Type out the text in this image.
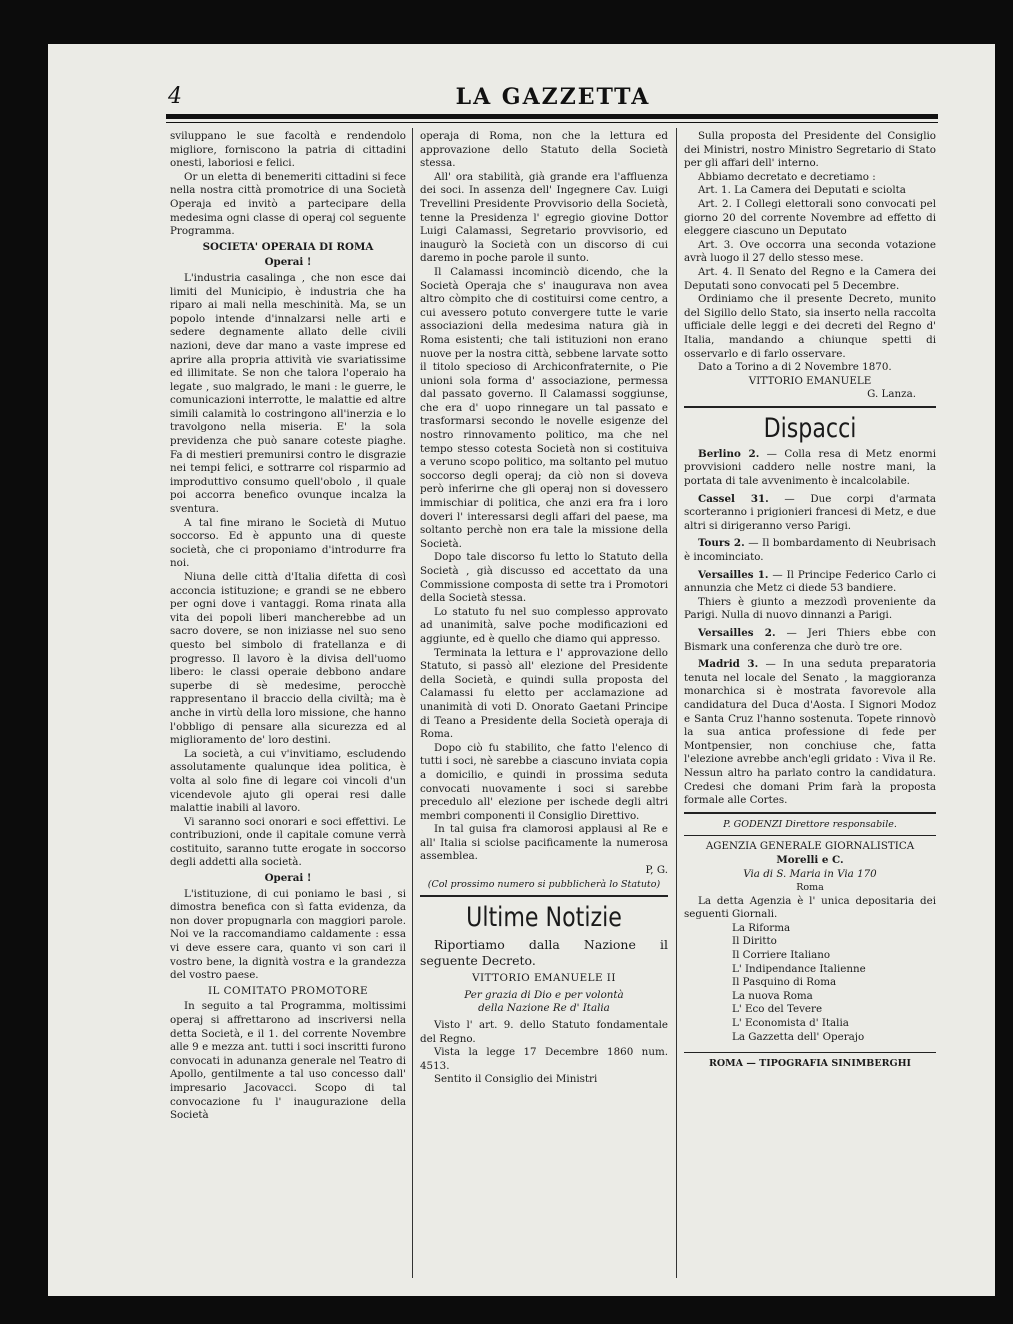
4	LA GAZZETTA

sviluppano le sue facoltà e rendendolo migliore, forniscono la patria di cittadini onesti, laboriosi e felici.

Or un eletta di benemeriti cittadini si fece nella nostra città promotrice di una Società Operaja ed invitò a partecipare della medesima ogni classe di operaj col seguente Programma.

SOCIETA' OPERAIA DI ROMA

Operai !

L'industria casalinga , che non esce dai limiti del Municipio, è industria che ha riparo ai mali nella meschinità. Ma, se un popolo intende d'innalzarsi nelle arti e sedere degnamente allato delle civili nazioni, deve dar mano a vaste imprese ed aprire alla propria attività vie svariatissime ed illimitate. Se non che talora l'operaio ha legate , suo malgrado, le mani : le guerre, le comunicazioni interrotte, le malattie ed altre simili calamità lo costringono all'inerzia e lo travolgono nella miseria. E' la sola previdenza che può sanare coteste piaghe. Fa di mestieri premunirsi contro le disgrazie nei tempi felici, e sottrarre col risparmio ad improduttivo consumo quell'obolo , il quale poi accorra benefico ovunque incalza la sventura.

A tal fine mirano le Società di Mutuo soccorso. Ed è appunto una di queste società, che ci proponiamo d'introdurre fra noi.

Niuna delle città d'Italia difetta di così acconcia istituzione; e grandi se ne ebbero per ogni dove i vantaggi. Roma rinata alla vita dei popoli liberi mancherebbe ad un sacro dovere, se non iniziasse nel suo seno questo bel simbolo di fratellanza e di progresso. Il lavoro è la divisa dell'uomo libero: le classi operaie debbono andare superbe di sè medesime, perocchè rappresentano il braccio della civiltà; ma è anche in virtù della loro missione, che hanno l'obbligo di pensare alla sicurezza ed al miglioramento de' loro destini.

La società, a cui v'invitiamo, escludendo assolutamente qualunque idea politica, è volta al solo fine di legare coi vincoli d'un vicendevole ajuto gli operai resi dalle malattie inabili al lavoro.

Vi saranno soci onorari e soci effettivi. Le contribuzioni, onde il capitale comune verrà costituito, saranno tutte erogate in soccorso degli addetti alla società.

Operai !

L'istituzione, di cui poniamo le basi , si dimostra benefica con sì fatta evidenza, da non dover propugnarla con maggiori parole. Noi ve la raccomandiamo caldamente : essa vi deve essere cara, quanto vi son cari il vostro bene, la dignità vostra e la grandezza del vostro paese.

IL COMITATO PROMOTORE

In seguito a tal Programma, moltissimi operaj si affrettarono ad inscriversi nella detta Società, e il 1. del corrente Novembre alle 9 e mezza ant. tutti i soci inscritti furono convocati in adunanza generale nel Teatro di Apollo, gentilmente a tal uso concesso dall' impresario Jacovacci. Scopo di tal convocazione fu l' inaugurazione della Società

operaja di Roma, non che la lettura ed approvazione dello Statuto della Società stessa.

All' ora stabilità, già grande era l'affluenza dei soci. In assenza dell' Ingegnere Cav. Luigi Trevellini Presidente Provvisorio della Società, tenne la Presidenza l' egregio giovine Dottor Luigi Calamassi, Segretario provvisorio, ed inaugurò la Società con un discorso di cui daremo in poche parole il sunto.

Il Calamassi incominciò dicendo, che la Società Operaja che s' inaugurava non avea altro còmpito che di costituirsi come centro, a cui avessero potuto convergere tutte le varie associazioni della medesima natura già in Roma esistenti; che tali istituzioni non erano nuove per la nostra città, sebbene larvate sotto il titolo specioso di Archiconfraternite, o Pie unioni sola forma d' associazione, permessa dal passato governo. Il Calamassi soggiunse, che era d' uopo rinnegare un tal passato e trasformarsi secondo le novelle esigenze del nostro rinnovamento politico, ma che nel tempo stesso cotesta Società non si costituiva a veruno scopo politico, ma soltanto pel mutuo soccorso degli operaj; da ciò non si doveva però inferirne che gli operaj non si dovessero immischiar di politica, che anzi era fra i loro doveri l' interessarsi degli affari del paese, ma soltanto perchè non era tale la missione della Società.

Dopo tale discorso fu letto lo Statuto della Società , già discusso ed accettato da una Commissione composta di sette tra i Promotori della Società stessa.

Lo statuto fu nel suo complesso approvato ad unanimità, salve poche modificazioni ed aggiunte, ed è quello che diamo qui appresso.

Terminata la lettura e l' approvazione dello Statuto, si passò all' elezione del Presidente della Società, e quindi sulla proposta del Calamassi fu eletto per acclamazione ad unanimità di voti D. Onorato Gaetani Principe di Teano a Presidente della Società operaja di Roma.

Dopo ciò fu stabilito, che fatto l'elenco di tutti i soci, nè sarebbe a ciascuno inviata copia a domicilio, e quindi in prossima seduta convocati nuovamente i soci si sarebbe precedulo all' elezione per ischede degli altri membri componenti il Consiglio Direttivo.

In tal guisa fra clamorosi applausi al Re e all' Italia si sciolse pacificamente la numerosa assemblea.

P, G.

(Col prossimo numero si pubblicherà lo Statuto)

Ultime Notizie

Riportiamo dalla Nazione il seguente Decreto.

VITTORIO EMANUELE II

Per grazia di Dio e per volontà

della Nazione Re d' Italia

Visto l' art. 9. dello Statuto fondamentale del Regno.

Vista la legge 17 Decembre 1860 num. 4513.

Sentito il Consiglio dei Ministri

Sulla proposta del Presidente del Consiglio dei Ministri, nostro Ministro Segretario di Stato per gli affari dell' interno.

Abbiamo decretato e decretiamo :

Art. 1. La Camera dei Deputati e sciolta

Art. 2. I Collegi elettorali sono convocati pel giorno 20 del corrente Novembre ad effetto di eleggere ciascuno un Deputato

Art. 3. Ove occorra una seconda votazione avrà luogo il 27 dello stesso mese.

Art. 4. Il Senato del Regno e la Camera dei Deputati sono convocati pel 5 Decembre.

Ordiniamo che il presente Decreto, munito del Sigillo dello Stato, sia inserto nella raccolta ufficiale delle leggi e dei decreti del Regno d' Italia, mandando a chiunque spetti di osservarlo e di farlo osservare.

Dato a Torino a di 2 Novembre 1870.

VITTORIO EMANUELE

G. Lanza.

Dispacci

Berlino 2. — Colla resa di Metz enormi provvisioni caddero nelle nostre mani, la portata di tale avvenimento è incalcolabile.

Cassel 31. — Due corpi d'armata scorteranno i prigionieri francesi di Metz, e due altri si dirigeranno verso Parigi.

Tours 2. — Il bombardamento di Neubrisach è incominciato.

Versailles 1. — Il Principe Federico Carlo ci annunzia che Metz ci diede 53 bandiere.

Thiers è giunto a mezzodì proveniente da Parigi. Nulla di nuovo dinnanzi a Parigi.

Versailles 2. — Jeri Thiers ebbe con Bismark una conferenza che durò tre ore.

Madrid 3. — In una seduta preparatoria tenuta nel locale del Senato , la maggioranza monarchica si è mostrata favorevole alla candidatura del Duca d'Aosta. I Signori Modoz e Santa Cruz l'hanno sostenuta. Topete rinnovò la sua antica professione di fede per Montpensier, non conchiuse che, fatta l'elezione avrebbe anch'egli gridato : Viva il Re. Nessun altro ha parlato contro la candidatura. Credesi che domani Prim farà la proposta formale alle Cortes.

P. GODENZI Direttore responsabile.

AGENZIA GENERALE GIORNALISTICA

Morelli e C.

Via di S. Maria in Via 170

Roma

La detta Agenzia è l' unica depositaria dei seguenti Giornali.

La Riforma
Il Diritto
Il Corriere Italiano
L' Indipendance Italienne
Il Pasquino di Roma
La nuova Roma
L' Eco del Tevere
L' Economista d' Italia
La Gazzetta dell' Operajo

ROMA — TIPOGRAFIA SINIMBERGHI
